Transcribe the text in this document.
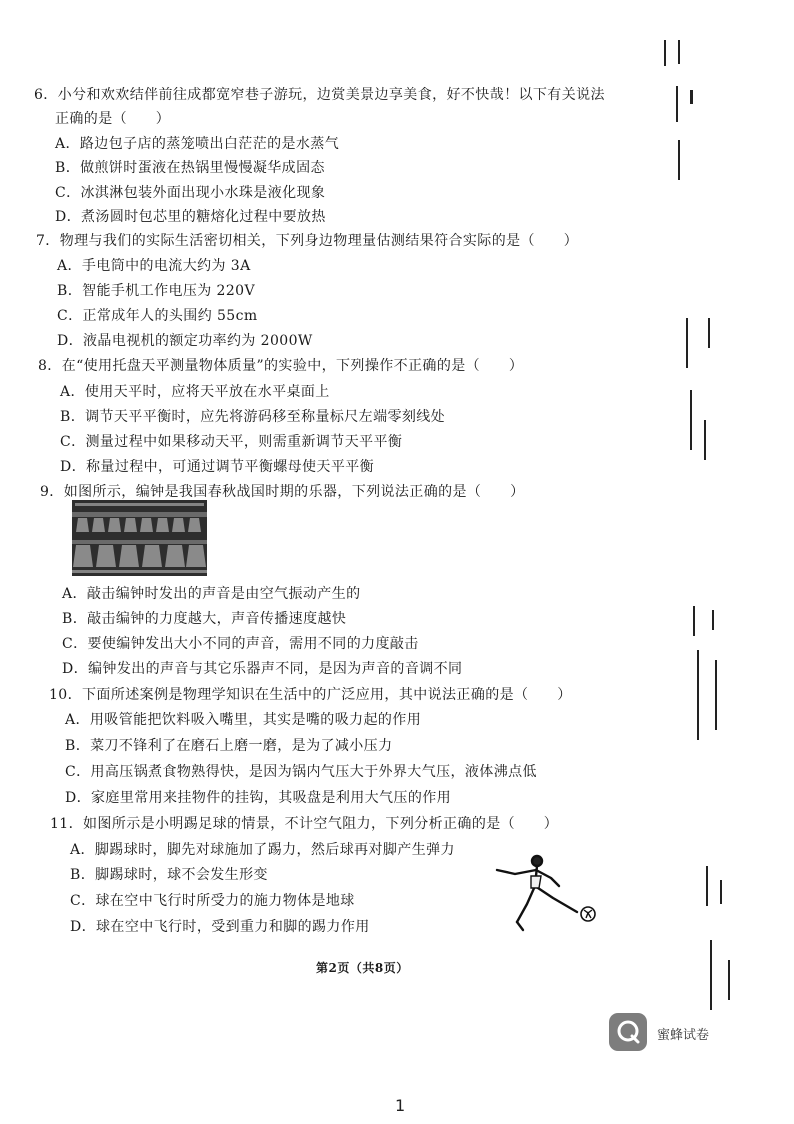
6．小兮和欢欢结伴前往成都宽窄巷子游玩，边赏美景边享美食，好不快哉！以下有关说法
正确的是（　　）
A．路边包子店的蒸笼喷出白茫茫的是水蒸气
B．做煎饼时蛋液在热锅里慢慢凝华成固态
C．冰淇淋包装外面出现小水珠是液化现象
D．煮汤圆时包芯里的糖熔化过程中要放热
7．物理与我们的实际生活密切相关，下列身边物理量估测结果符合实际的是（　　）
A．手电筒中的电流大约为 3A
B．智能手机工作电压为 220V
C．正常成年人的头围约 55cm
D．液晶电视机的额定功率约为 2000W
8．在“使用托盘天平测量物体质量”的实验中，下列操作不正确的是（　　）
A．使用天平时，应将天平放在水平桌面上
B．调节天平平衡时，应先将游码移至称量标尺左端零刻线处
C．测量过程中如果移动天平，则需重新调节天平平衡
D．称量过程中，可通过调节平衡螺母使天平平衡
9．如图所示，编钟是我国春秋战国时期的乐器，下列说法正确的是（　　）
A．敲击编钟时发出的声音是由空气振动产生的
B．敲击编钟的力度越大，声音传播速度越快
C．要使编钟发出大小不同的声音，需用不同的力度敲击
D．编钟发出的声音与其它乐器声不同，是因为声音的音调不同
10．下面所述案例是物理学知识在生活中的广泛应用，其中说法正确的是（　　）
A．用吸管能把饮料吸入嘴里，其实是嘴的吸力起的作用
B．菜刀不锋利了在磨石上磨一磨，是为了减小压力
C．用高压锅煮食物熟得快，是因为锅内气压大于外界大气压，液体沸点低
D．家庭里常用来挂物件的挂钩，其吸盘是利用大气压的作用
11．如图所示是小明踢足球的情景，不计空气阻力，下列分析正确的是（　　）
A．脚踢球时，脚先对球施加了踢力，然后球再对脚产生弹力
B．脚踢球时，球不会发生形变
C．球在空中飞行时所受力的施力物体是地球
D．球在空中飞行时，受到重力和脚的踢力作用
第2页（共8页）
蜜蜂试卷
1
